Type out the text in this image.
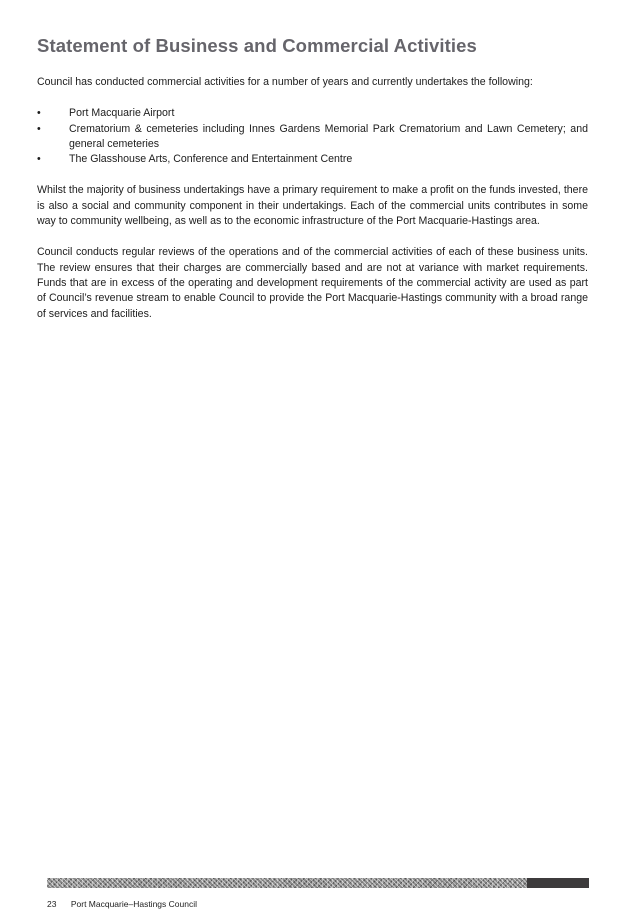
Statement of Business and Commercial Activities

Council has conducted commercial activities for a number of years and currently undertakes the following:

•	Port Macquarie Airport
•	Crematorium & cemeteries including Innes Gardens Memorial Park Crematorium and Lawn Cemetery; and general cemeteries
•	The Glasshouse Arts, Conference and Entertainment Centre

Whilst the majority of business undertakings have a primary requirement to make a profit on the funds invested, there is also a social and community component in their undertakings. Each of the commercial units contributes in some way to community wellbeing, as well as to the economic infrastructure of the Port Macquarie-Hastings area.

Council conducts regular reviews of the operations and of the commercial activities of each of these business units. The review ensures that their charges are commercially based and are not at variance with market requirements. Funds that are in excess of the operating and development requirements of the commercial activity are used as part of Council’s revenue stream to enable Council to provide the Port Macquarie-Hastings community with a broad range of services and facilities.

23 Port Macquarie–Hastings Council
